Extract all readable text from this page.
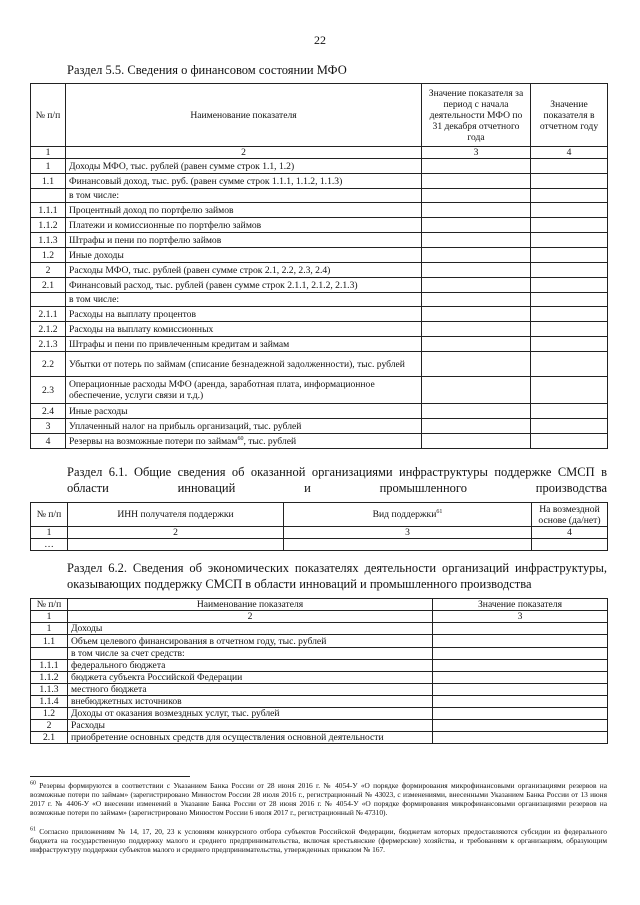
22
Раздел 5.5. Сведения о финансовом состоянии МФО
№ п/п	Наименование показателя	Значение показателя за период с начала деятельности МФО по 31 декабря отчетного года	Значение показателя в отчетном году
1	2	3	4
1	Доходы МФО, тыс. рублей (равен сумме строк 1.1, 1.2)		
1.1	Финансовый доход, тыс. руб. (равен сумме строк 1.1.1, 1.1.2, 1.1.3)		
	в том числе:		
1.1.1	Процентный доход по портфелю займов		
1.1.2	Платежи и комиссионные по портфелю займов		
1.1.3	Штрафы и пени по портфелю займов		
1.2	Иные доходы		
2	Расходы МФО, тыс. рублей (равен сумме строк 2.1, 2.2, 2.3, 2.4)		
2.1	Финансовый расход, тыс. рублей (равен сумме строк 2.1.1, 2.1.2, 2.1.3)		
	в том числе:		
2.1.1	Расходы на выплату процентов		
2.1.2	Расходы на выплату комиссионных		
2.1.3	Штрафы и пени по привлеченным кредитам и займам		
2.2	Убытки от потерь по займам (списание безнадежной задолженности), тыс. рублей		
2.3	Операционные расходы МФО (аренда, заработная плата, информационное обеспечение, услуги связи и т.д.)		
2.4	Иные расходы		
3	Уплаченный налог на прибыль организаций, тыс. рублей		
4	Резервы на возможные потери по займам$^{60}$, тыс. рублей		
Раздел 6.1. Общие сведения об оказанной организациями инфраструктуры поддержке СМСП в области инноваций и промышленного производства
№ п/п	ИНН получателя поддержки	Вид поддержки$^{61}$	На возмездной основе (да/нет)
1	2	3	4
…			
Раздел 6.2. Сведения об экономических показателях деятельности организаций инфраструктуры, оказывающих поддержку СМСП в области инноваций и промышленного производства
№ п/п	Наименование показателя	Значение показателя
1	2	3
1	Доходы	
1.1	Объем целевого финансирования в отчетном году, тыс. рублей	
	в том числе за счет средств:	
1.1.1	федерального бюджета	
1.1.2	бюджета субъекта Российской Федерации	
1.1.3	местного бюджета	
1.1.4	внебюджетных источников	
1.2	Доходы от оказания возмездных услуг, тыс. рублей	
2	Расходы	
2.1	приобретение основных средств для осуществления основной деятельности	
$^{60}$ Резервы формируются в соответствии с Указанием Банка России от 28 июня 2016 г. № 4054-У «О порядке формирования микрофинансовыми организациями резервов на возможные потери по займам» (зарегистрировано Минюстом России 28 июля 2016 г., регистрационный № 43023, с изменениями, внесенными Указанием Банка России от 13 июня 2017 г. № 4406-У «О внесении изменений в Указание Банка России от 28 июня 2016 г. № 4054-У «О порядке формирования микрофинансовыми организациями резервов на возможные потери по займам» (зарегистрировано Минюстом России 6 июля 2017 г., регистрационный № 47310).
$^{61}$ Согласно приложениям № 14, 17, 20, 23 к условиям конкурсного отбора субъектов Российской Федерации, бюджетам которых предоставляются субсидии из федерального бюджета на государственную поддержку малого и среднего предпринимательства, включая крестьянские (фермерские) хозяйства, и требованиям к организациям, образующим инфраструктуру поддержки субъектов малого и среднего предпринимательства, утвержденных приказом № 167.
